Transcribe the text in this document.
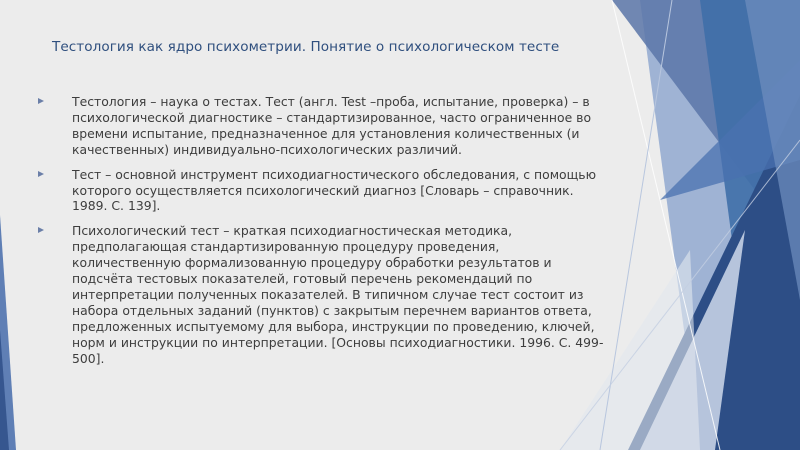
Тестология как ядро психометрии. Понятие о психологическом тесте
Тестология – наука о тестах. Тест (англ. Test –проба, испытание, проверка) – в психологической диагностике – стандартизированное, часто ограниченное во времени испытание, предназначенное для установления количественных (и качественных) индивидуально-психологических различий.
Тест – основной инструмент психодиагностического обследования, с помощью которого осуществляется психологический диагноз [Словарь – справочник. 1989. С. 139].
Психологический тест – краткая психодиагностическая методика, предполагающая стандартизированную процедуру проведения, количественную формализованную процедуру обработки результатов и подсчёта тестовых показателей, готовый перечень рекомендаций по интерпретации полученных показателей. В типичном случае тест состоит из набора отдельных заданий (пунктов) с закрытым перечнем вариантов ответа, предложенных испытуемому для выбора, инструкции по проведению, ключей, норм и инструкции по интерпретации. [Основы психодиагностики. 1996. С. 499-500].
